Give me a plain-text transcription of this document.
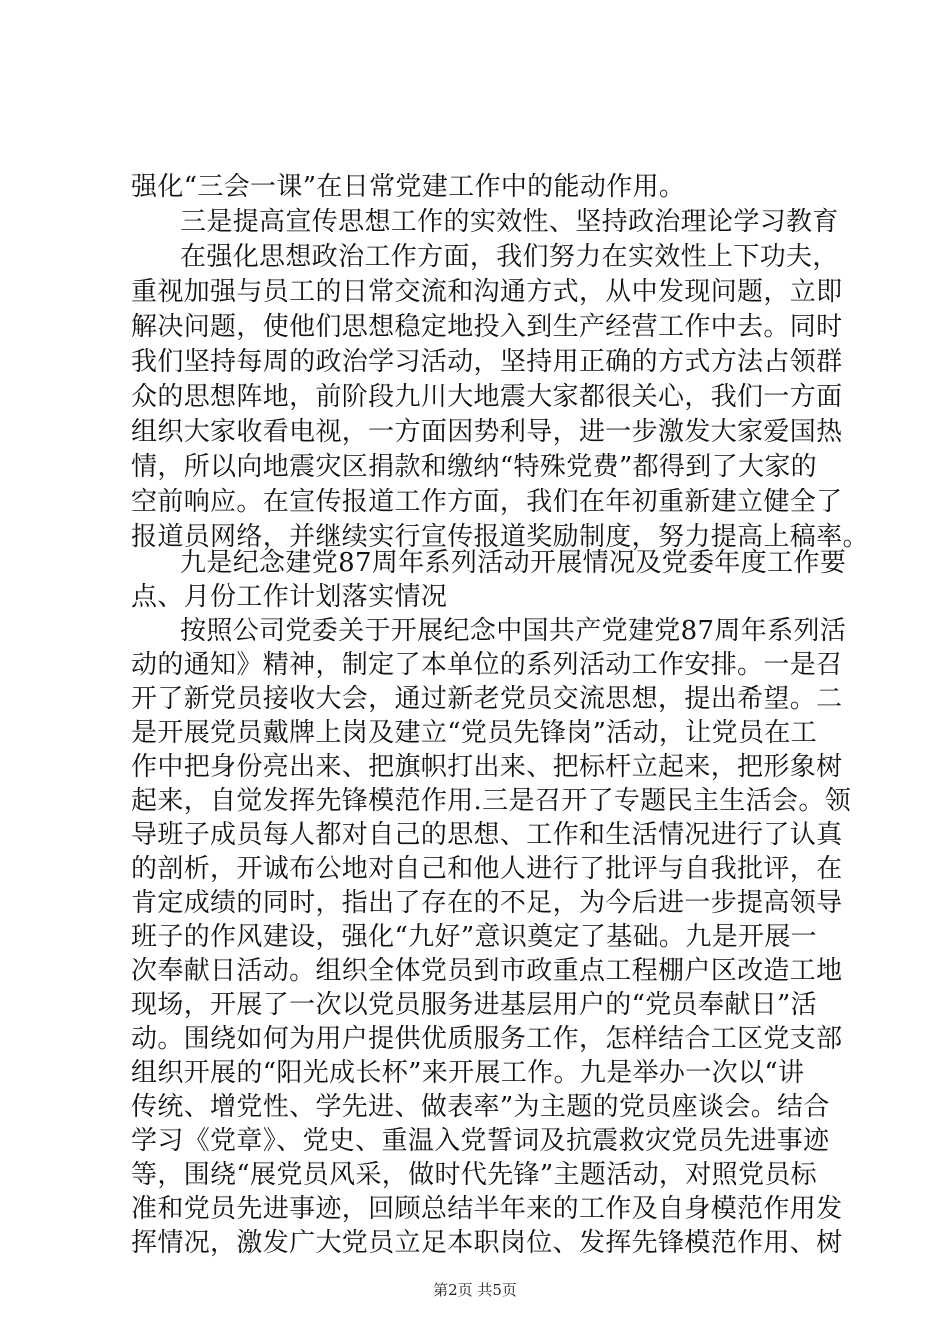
强化“三会一课”在日常党建工作中的能动作用。
三是提高宣传思想工作的实效性、坚持政治理论学习教育
在强化思想政治工作方面，我们努力在实效性上下功夫，
重视加强与员工的日常交流和沟通方式，从中发现问题，立即
解决问题，使他们思想稳定地投入到生产经营工作中去。同时
我们坚持每周的政治学习活动，坚持用正确的方式方法占领群
众的思想阵地，前阶段九川大地震大家都很关心，我们一方面
组织大家收看电视，一方面因势利导，进一步激发大家爱国热
情，所以向地震灾区捐款和缴纳“特殊党费”都得到了大家的
空前响应。在宣传报道工作方面，我们在年初重新建立健全了
报道员网络，并继续实行宣传报道奖励制度，努力提高上稿率。
九是纪念建党87周年系列活动开展情况及党委年度工作要
点、月份工作计划落实情况
按照公司党委关于开展纪念中国共产党建党87周年系列活
动的通知》精神，制定了本单位的系列活动工作安排。一是召
开了新党员接收大会，通过新老党员交流思想，提出希望。二
是开展党员戴牌上岗及建立“党员先锋岗”活动，让党员在工
作中把身份亮出来、把旗帜打出来、把标杆立起来，把形象树
起来，自觉发挥先锋模范作用.三是召开了专题民主生活会。领
导班子成员每人都对自己的思想、工作和生活情况进行了认真
的剖析，开诚布公地对自己和他人进行了批评与自我批评，在
肯定成绩的同时，指出了存在的不足，为今后进一步提高领导
班子的作风建设，强化“九好”意识奠定了基础。九是开展一
次奉献日活动。组织全体党员到市政重点工程棚户区改造工地
现场，开展了一次以党员服务进基层用户的“党员奉献日”活
动。围绕如何为用户提供优质服务工作，怎样结合工区党支部
组织开展的“阳光成长杯”来开展工作。九是举办一次以“讲
传统、增党性、学先进、做表率”为主题的党员座谈会。结合
学习《党章》、党史、重温入党誓词及抗震救灾党员先进事迹
等，围绕“展党员风采，做时代先锋”主题活动，对照党员标
准和党员先进事迹，回顾总结半年来的工作及自身模范作用发
挥情况，激发广大党员立足本职岗位、发挥先锋模范作用、树
第2页 共5页
